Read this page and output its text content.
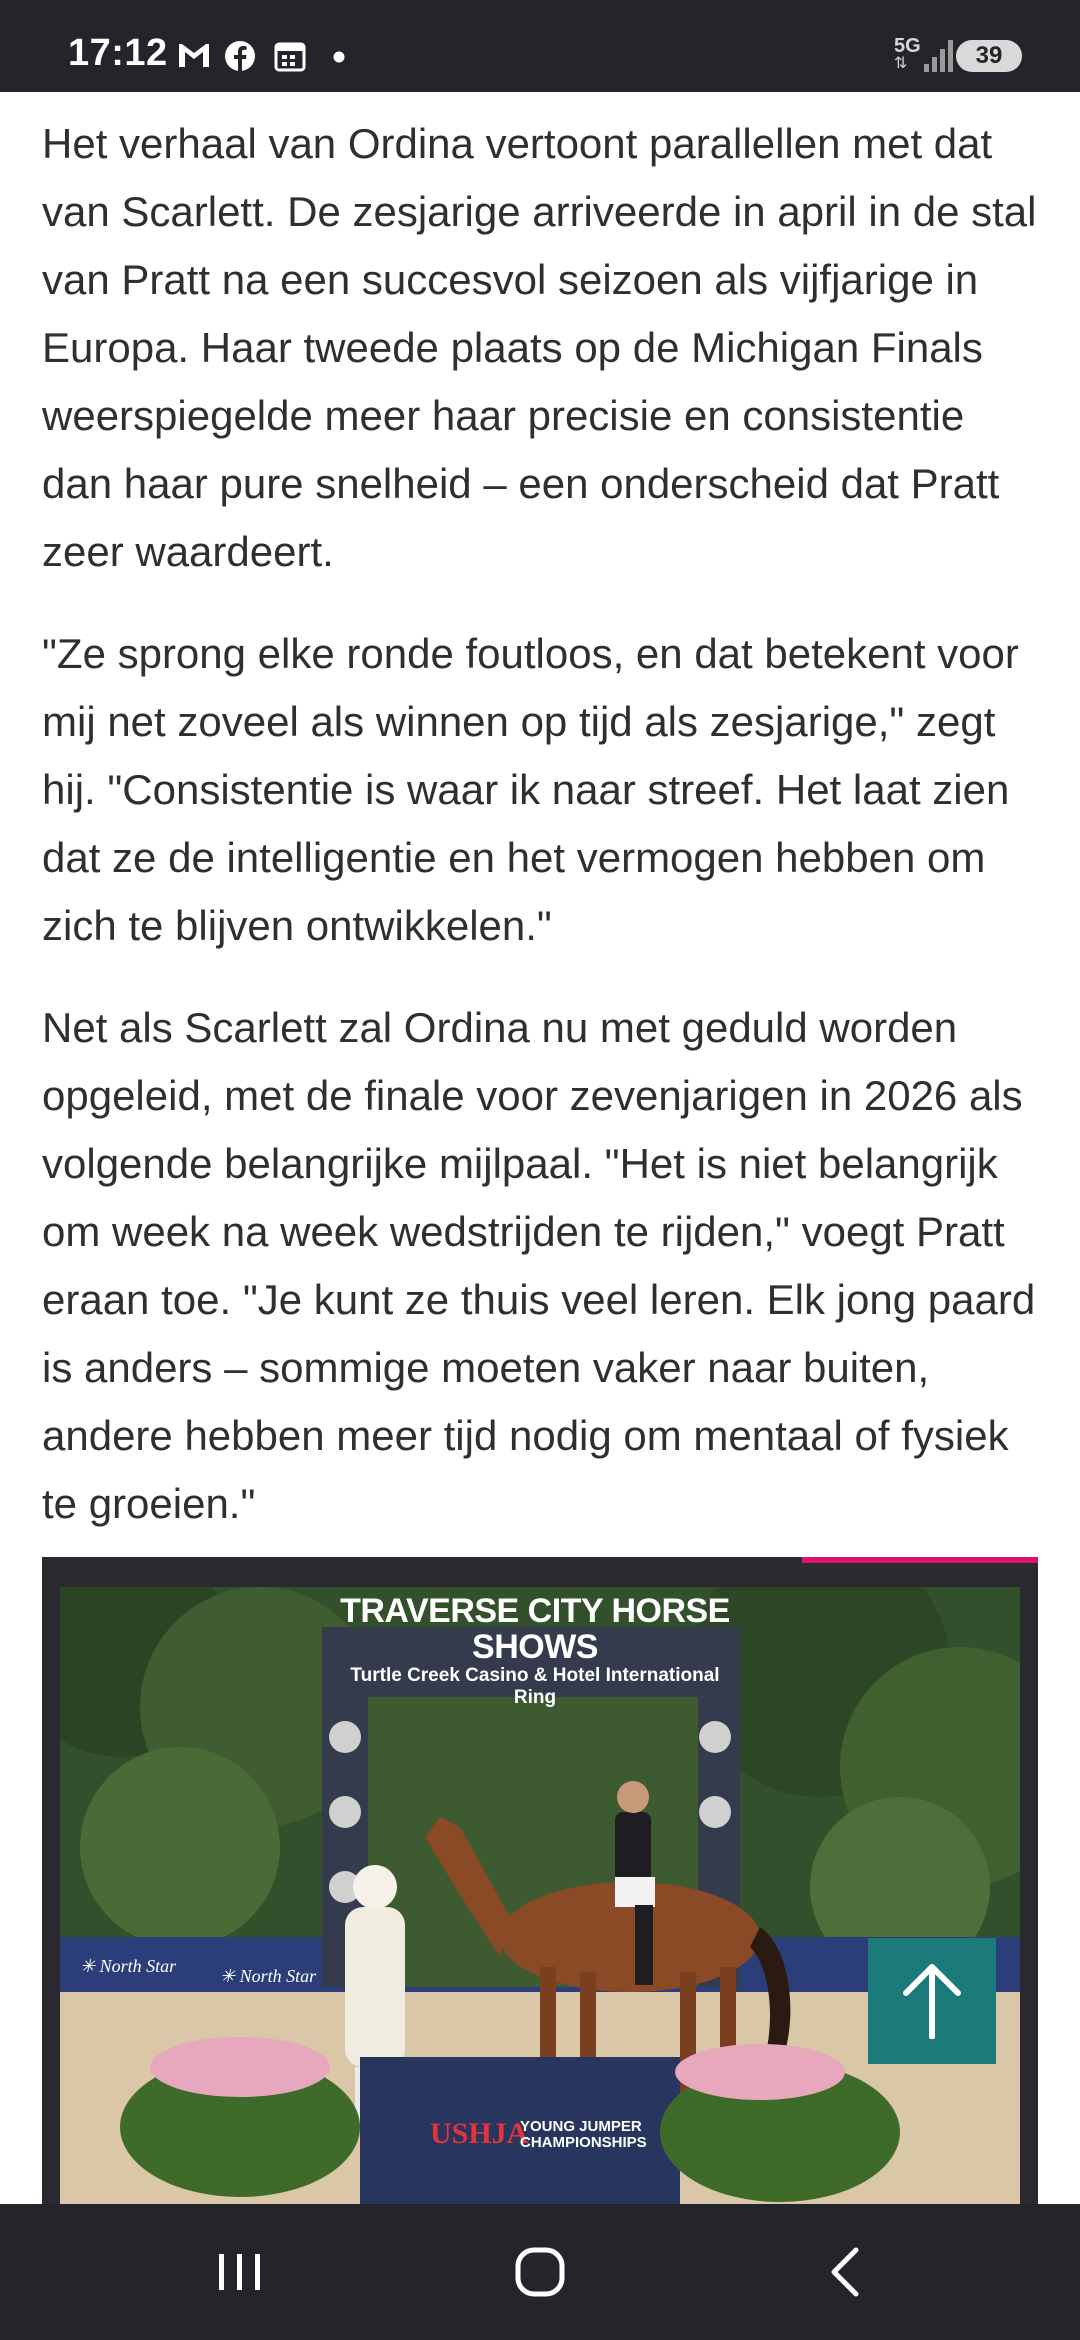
17:12	5G
⇅	39

Het verhaal van Ordina vertoont parallellen met dat van Scarlett. De zesjarige arriveerde in april in de stal van Pratt na een succesvol seizoen als vijfjarige in Europa. Haar tweede plaats op de Michigan Finals weerspiegelde meer haar precisie en consistentie dan haar pure snelheid – een onderscheid dat Pratt zeer waardeert.

"Ze sprong elke ronde foutloos, en dat betekent voor mij net zoveel als winnen op tijd als zesjarige," zegt hij. "Consistentie is waar ik naar streef. Het laat zien dat ze de intelligentie en het vermogen hebben om zich te blijven ontwikkelen."

Net als Scarlett zal Ordina nu met geduld worden opgeleid, met de finale voor zevenjarigen in 2026 als volgende belangrijke mijlpaal. "Het is niet belangrijk om week na week wedstrijden te rijden," voegt Pratt eraan toe. "Je kunt ze thuis veel leren. Elk jong paard is anders – sommige moeten vaker naar buiten, andere hebben meer tijd nodig om mentaal of fysiek te groeien."

✳ North Star ✳ North Star
TRAVERSE CITY HORSE SHOWS
Turtle Creek Casino & Hotel International Ring
USHJA
YOUNG JUMPER CHAMPIONSHIPS
